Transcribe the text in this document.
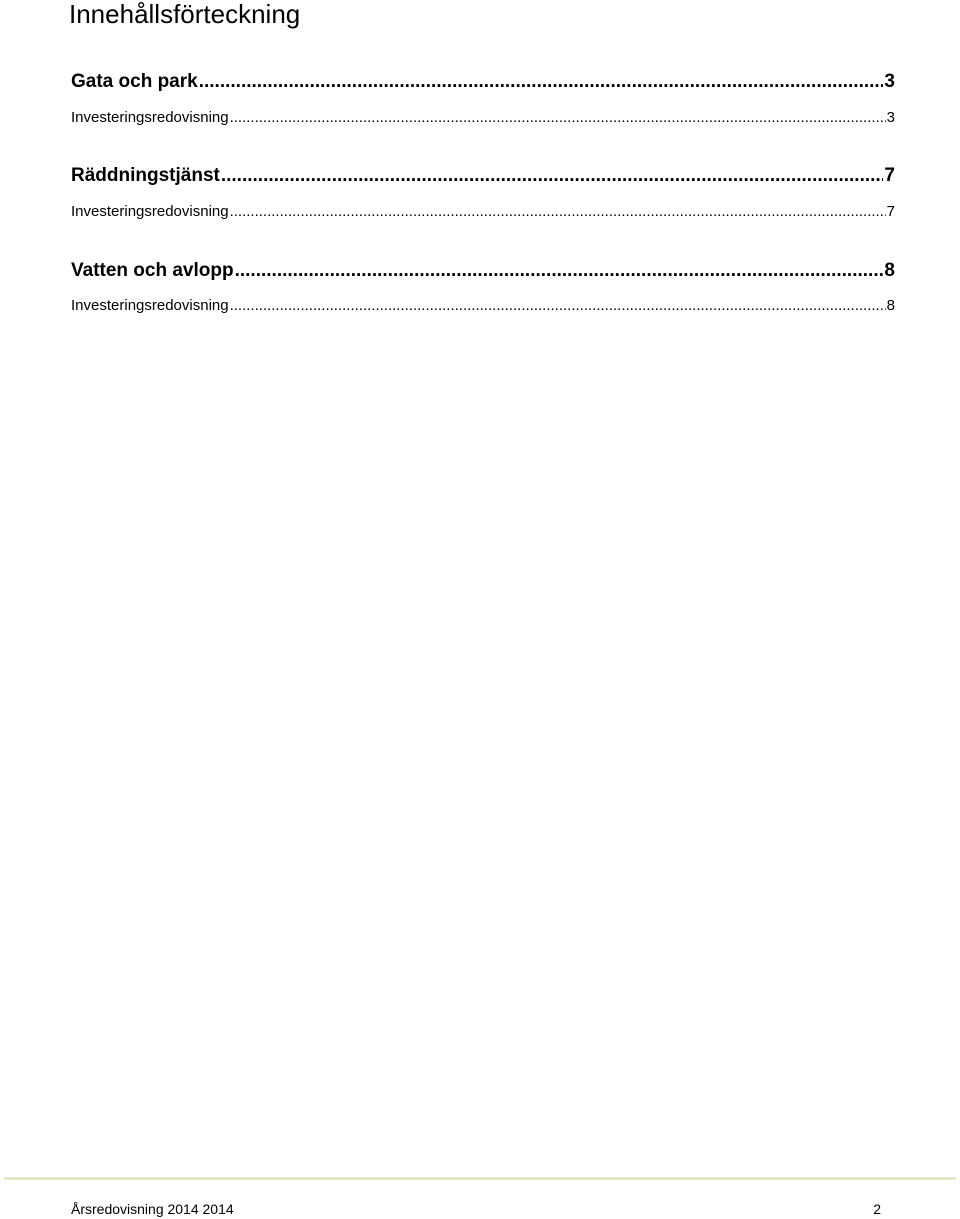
Innehållsförteckning
Gata och park .....	3
Investeringsredovisning .....	3
Räddningstjänst .....	7
Investeringsredovisning .....	7
Vatten och avlopp .....	8
Investeringsredovisning .....	8
Årsredovisning 2014 2014	2
